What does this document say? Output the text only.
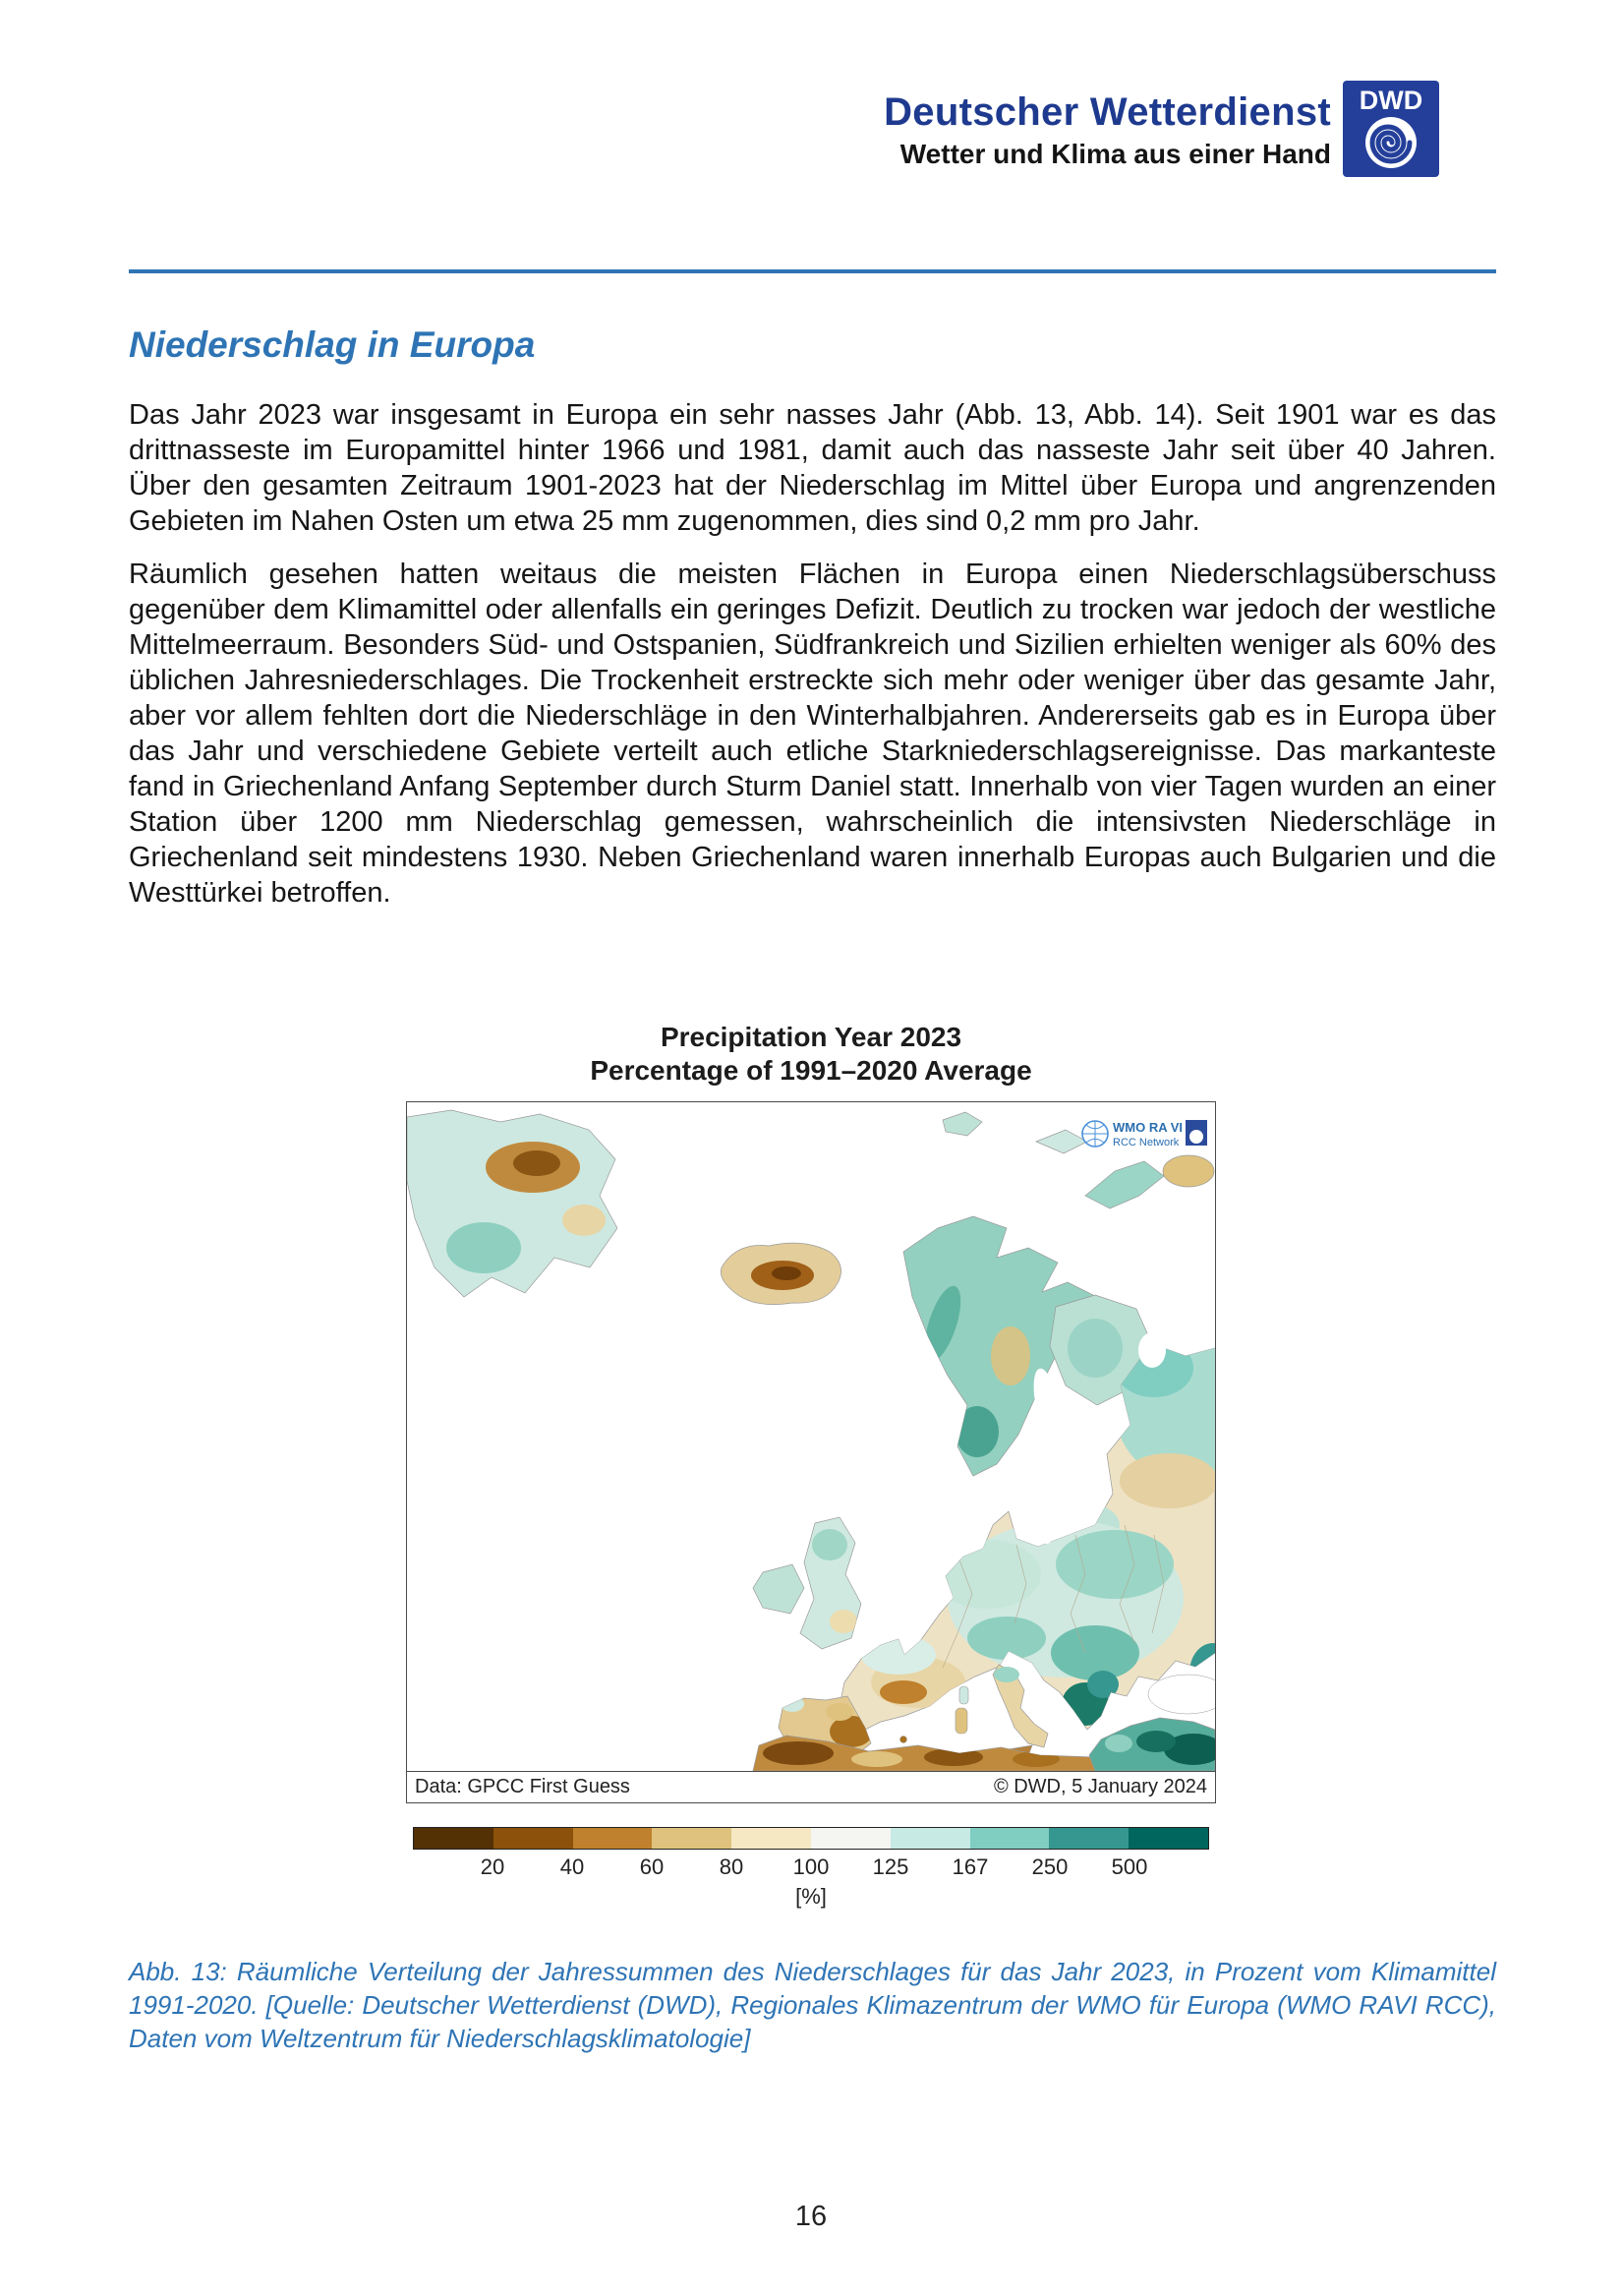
Deutscher Wetterdienst
Wetter und Klima aus einer Hand
DWD
Niederschlag in Europa

Das Jahr 2023 war insgesamt in Europa ein sehr nasses Jahr (Abb. 13, Abb. 14). Seit 1901 war es das drittnasseste im Europamittel hinter 1966 und 1981, damit auch das nasseste Jahr seit über 40 Jahren. Über den gesamten Zeitraum 1901-2023 hat der Niederschlag im Mittel über Europa und angrenzenden Gebieten im Nahen Osten um etwa 25 mm zugenommen, dies sind 0,2 mm pro Jahr.

Räumlich gesehen hatten weitaus die meisten Flächen in Europa einen Niederschlagsüberschuss gegenüber dem Klimamittel oder allenfalls ein geringes Defizit. Deutlich zu trocken war jedoch der westliche Mittelmeerraum. Besonders Süd- und Ostspanien, Südfrankreich und Sizilien erhielten weniger als 60% des üblichen Jahresniederschlages. Die Trockenheit erstreckte sich mehr oder weniger über das gesamte Jahr, aber vor allem fehlten dort die Niederschläge in den Winterhalbjahren. Andererseits gab es in Europa über das Jahr und verschiedene Gebiete verteilt auch etliche Starkniederschlagsereignisse. Das markanteste fand in Griechenland Anfang September durch Sturm Daniel statt. Innerhalb von vier Tagen wurden an einer Station über 1200 mm Niederschlag gemessen, wahrscheinlich die intensivsten Niederschläge in Griechenland seit mindestens 1930. Neben Griechenland waren innerhalb Europas auch Bulgarien und die Westtürkei betroffen.

Precipitation Year 2023
Percentage of 1991–2020 Average
WMO RA VI
RCC Network
Data: GPCC First Guess	© DWD, 5 January 2024
20	40	60	80 100 125 167 250 500
[%]
Abb. 13: Räumliche Verteilung der Jahressummen des Niederschlages für das Jahr 2023, in Prozent vom Klimamittel 1991-2020. [Quelle: Deutscher Wetterdienst (DWD), Regionales Klimazentrum der WMO für Europa (WMO RAVI RCC), Daten vom Weltzentrum für Niederschlagsklimatologie]
16
